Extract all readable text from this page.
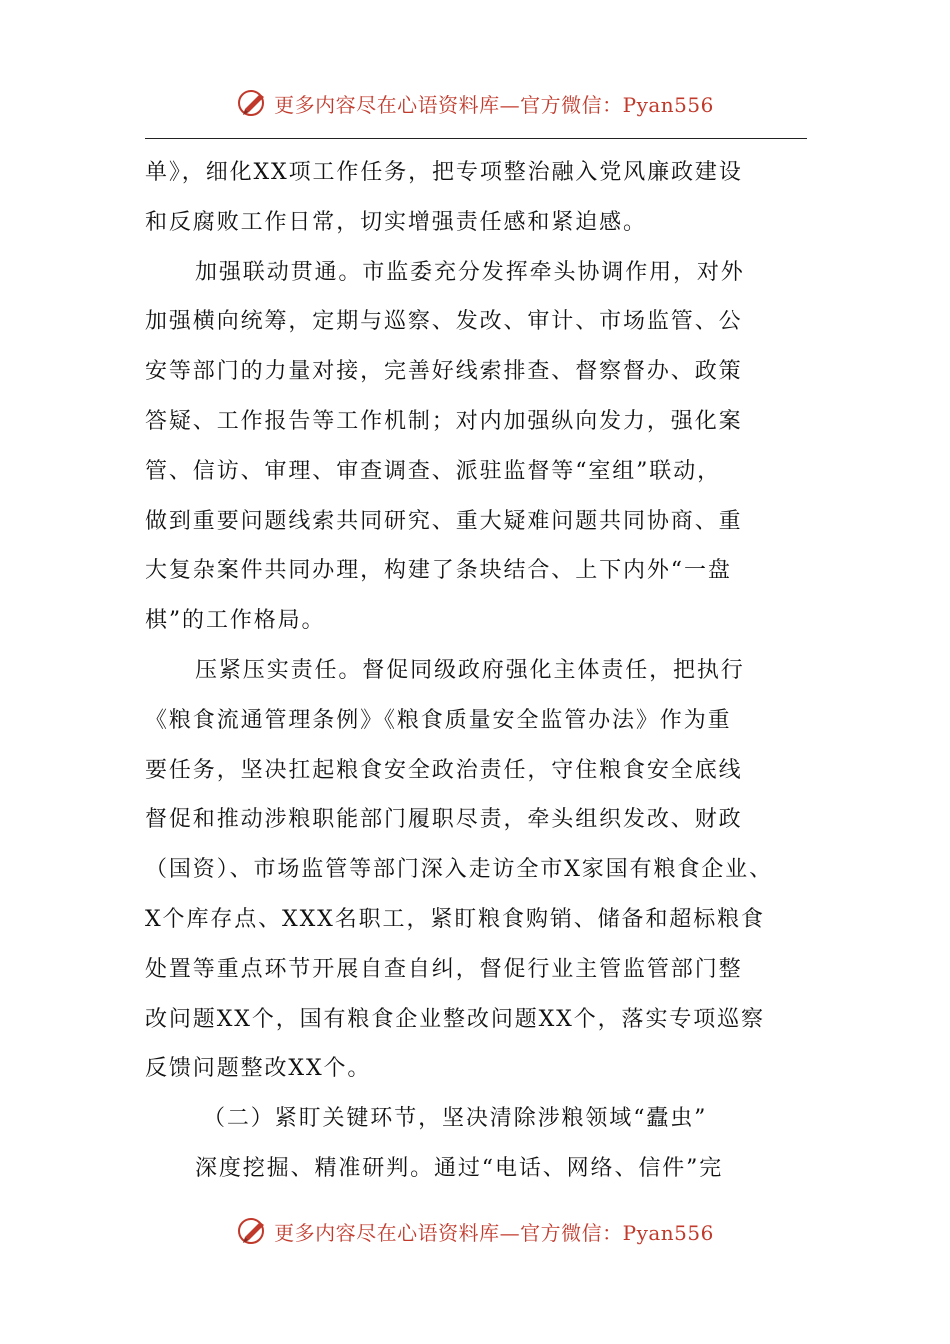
更多内容尽在心语资料库—官方微信：Pyan556
单》，细化XX项工作任务，把专项整治融入党风廉政建设
和反腐败工作日常，切实增强责任感和紧迫感。
加强联动贯通。市监委充分发挥牵头协调作用，对外
加强横向统筹，定期与巡察、发改、审计、市场监管、公
安等部门的力量对接，完善好线索排查、督察督办、政策
答疑、工作报告等工作机制；对内加强纵向发力，强化案
管、信访、审理、审查调查、派驻监督等“室组”联动，
做到重要问题线索共同研究、重大疑难问题共同协商、重
大复杂案件共同办理，构建了条块结合、上下内外“一盘
棋”的工作格局。
压紧压实责任。督促同级政府强化主体责任，把执行
《粮食流通管理条例》《粮食质量安全监管办法》作为重
要任务，坚决扛起粮食安全政治责任，守住粮食安全底线
督促和推动涉粮职能部门履职尽责，牵头组织发改、财政
（国资）、市场监管等部门深入走访全市X家国有粮食企业、
X个库存点、XXX名职工，紧盯粮食购销、储备和超标粮食
处置等重点环节开展自查自纠，督促行业主管监管部门整
改问题XX个，国有粮食企业整改问题XX个，落实专项巡察
反馈问题整改XX个。
（二）紧盯关键环节，坚决清除涉粮领域“蠹虫”
深度挖掘、精准研判。通过“电话、网络、信件”完
更多内容尽在心语资料库—官方微信：Pyan556
